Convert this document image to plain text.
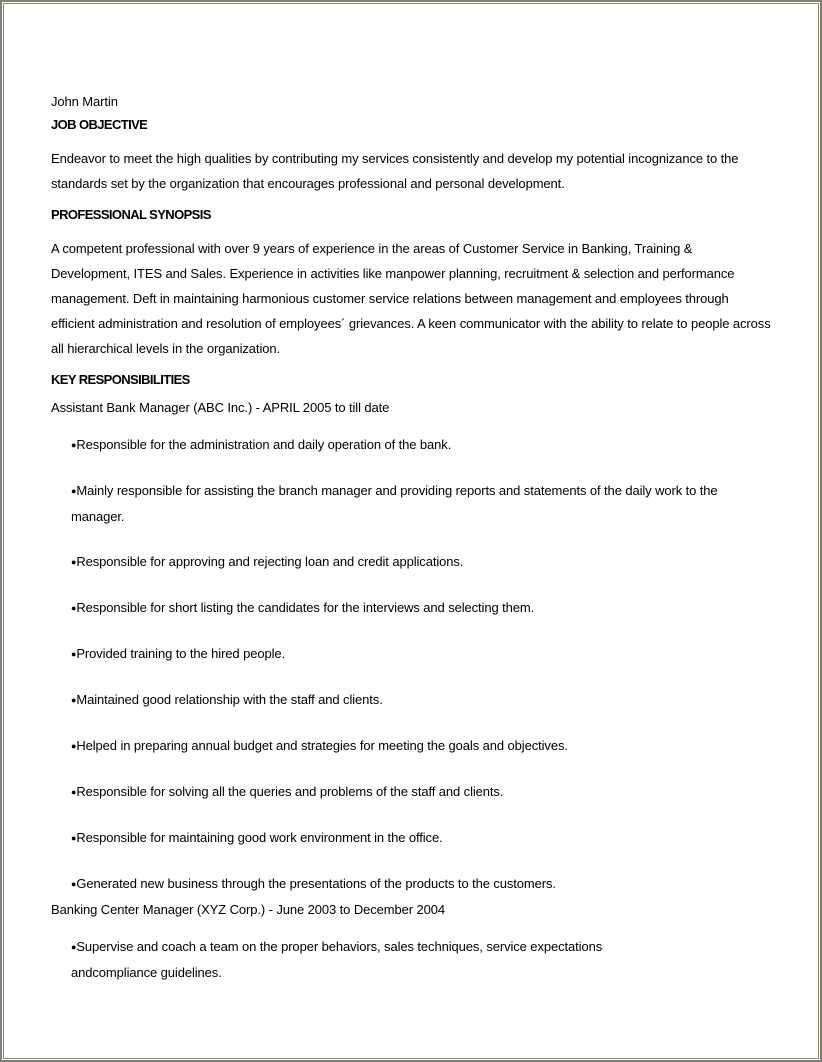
John Martin

JOB OBJECTIVE

Endeavor to meet the high qualities by contributing my services consistently and develop my potential incognizance to the standards set by the organization that encourages professional and personal development.

PROFESSIONAL SYNOPSIS

A competent professional with over 9 years of experience in the areas of Customer Service in Banking, Training & Development, ITES and Sales. Experience in activities like manpower planning, recruitment & selection and performance management. Deft in maintaining harmonious customer service relations between management and employees through efficient administration and resolution of employees´ grievances. A keen communicator with the ability to relate to people across all hierarchical levels in the organization.

KEY RESPONSIBILITIES

Assistant Bank Manager (ABC Inc.) - APRIL 2005 to till date

●Responsible for the administration and daily operation of the bank.
●Mainly responsible for assisting the branch manager and providing reports and statements of the daily work to the manager.
●Responsible for approving and rejecting loan and credit applications.
●Responsible for short listing the candidates for the interviews and selecting them.
●Provided training to the hired people.
●Maintained good relationship with the staff and clients.
●Helped in preparing annual budget and strategies for meeting the goals and objectives.
●Responsible for solving all the queries and problems of the staff and clients.
●Responsible for maintaining good work environment in the office.
●Generated new business through the presentations of the products to the customers.

Banking Center Manager (XYZ Corp.) - June 2003 to December 2004

●Supervise and coach a team on the proper behaviors, sales techniques, service expectations andcompliance guidelines.
